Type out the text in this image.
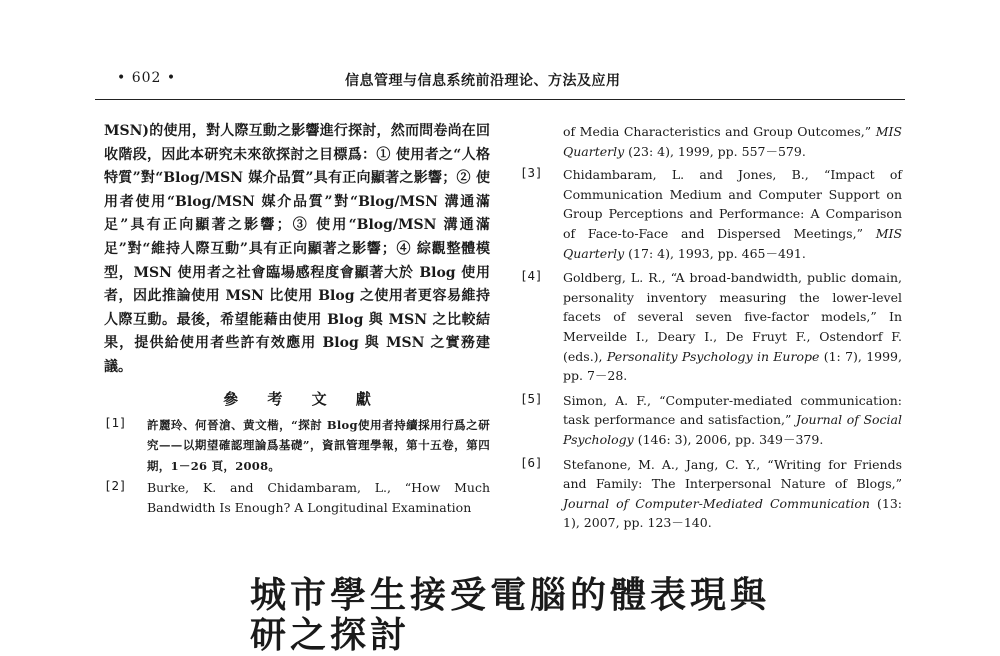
• 602 •	信息管理与信息系统前沿理论、方法及应用

MSN)的使用，對人際互動之影響進行探討，然而問卷尚在回收階段，因此本研究未來欲探討之目標爲：① 使用者之“人格特質”對“Blog/MSN 媒介品質”具有正向顯著之影響；② 使用者使用“Blog/MSN 媒介品質”對“Blog/MSN 溝通滿足”具有正向顯著之影響；③ 使用“Blog/MSN 溝通滿足”對“維持人際互動”具有正向顯著之影響；④ 綜觀整體模型，MSN 使用者之社會臨場感程度會顯著大於 Blog 使用者，因此推論使用 MSN 比使用 Blog 之使用者更容易維持人際互動。最後，希望能藉由使用 Blog 與 MSN 之比較結果，提供給使用者些許有效應用 Blog 與 MSN 之實務建議。

參 考 文 獻
[1] 許麗玲、何晉滄、黄文楷，“探討 Blog使用者持續採用行爲之研究——以期望確認理論爲基礎”，資訊管理學報，第十五卷，第四期，1－26 頁，2008。
[2] Burke, K. and Chidambaram, L., “How Much Bandwidth Is Enough? A Longitudinal Examination

of Media Characteristics and Group Outcomes,” MIS Quarterly (23: 4), 1999, pp. 557－579.

[3] Chidambaram, L. and Jones, B., “Impact of Communication Medium and Computer Support on Group Perceptions and Performance: A Comparison of Face-to-Face and Dispersed Meetings,” MIS Quarterly (17: 4), 1993, pp. 465－491.
[4] Goldberg, L. R., “A broad-bandwidth, public domain, personality inventory measuring the lower-level facets of several seven five-factor models,” In Merveilde I., Deary I., De Fruyt F., Ostendorf F. (eds.), Personality Psychology in Europe (1: 7), 1999, pp. 7－28.
[5] Simon, A. F., “Computer-mediated communication: task performance and satisfaction,” Journal of Social Psychology (146: 3), 2006, pp. 349－379.
[6] Stefanone, M. A., Jang, C. Y., “Writing for Friends and Family: The Interpersonal Nature of Blogs,” Journal of Computer-Mediated Communication (13: 1), 2007, pp. 123－140.
城市學生接受電腦的體表現與研之探討
